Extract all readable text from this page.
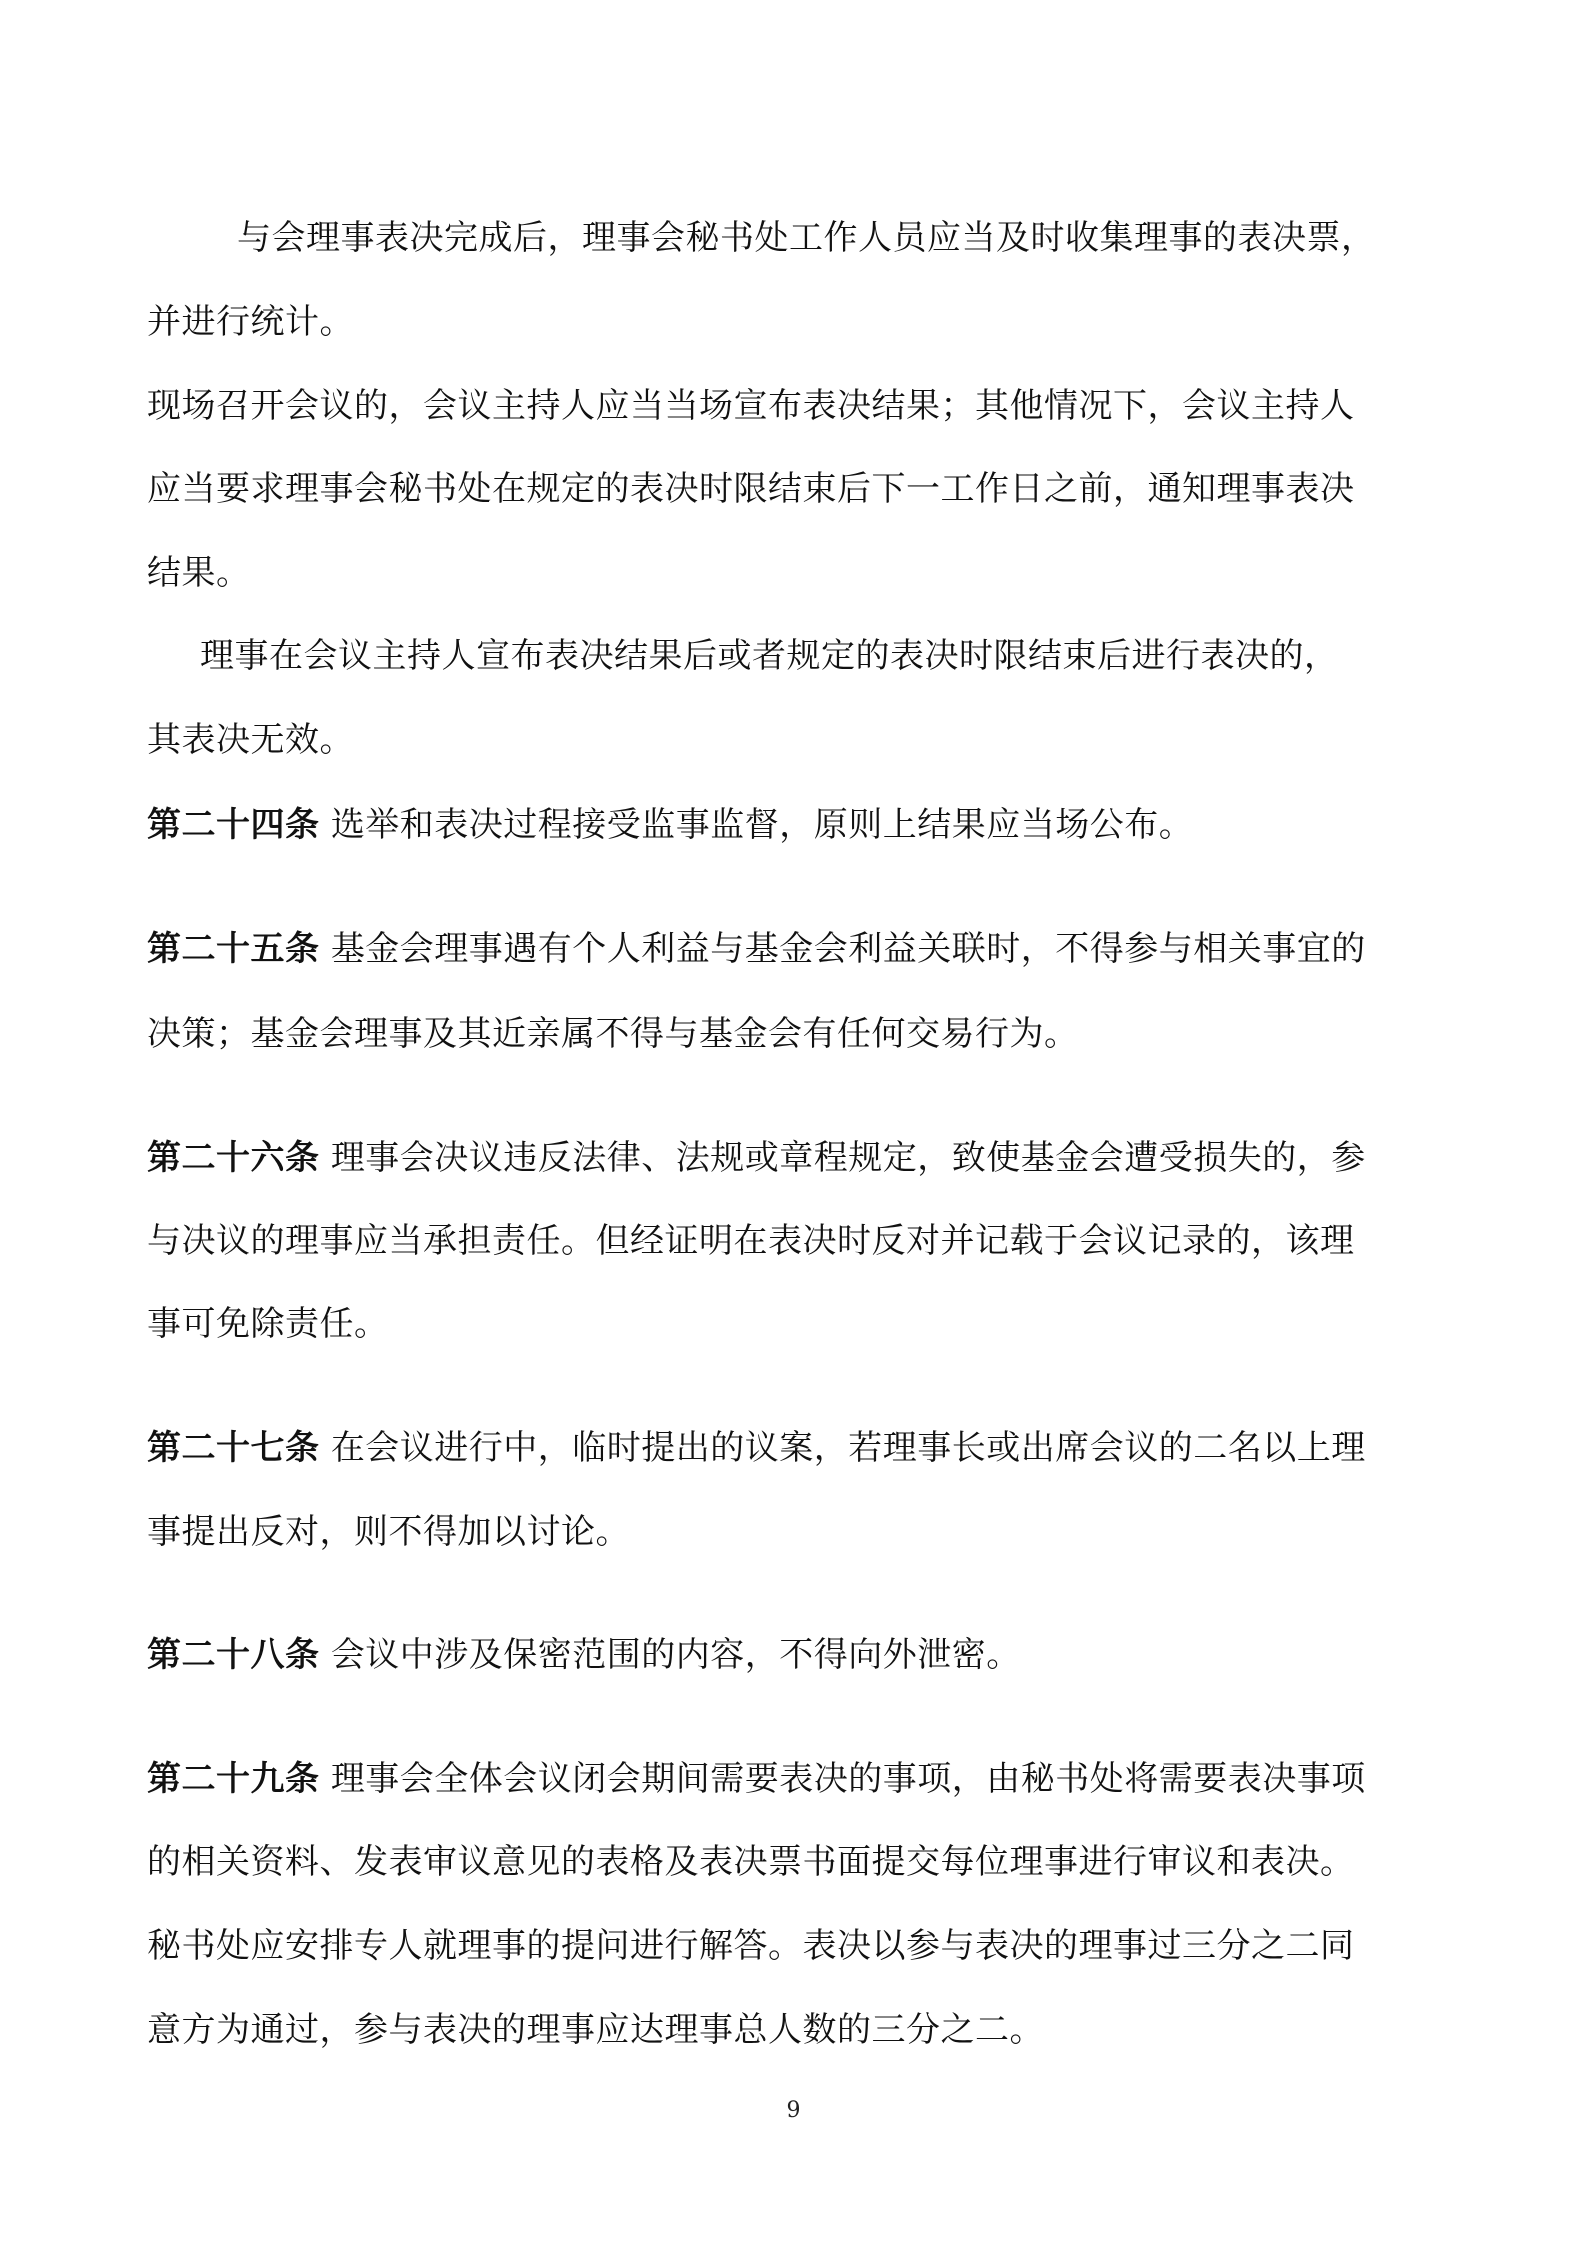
与会理事表决完成后，理事会秘书处工作人员应当及时收集理事的表决票，
并进行统计。
现场召开会议的，会议主持人应当当场宣布表决结果；其他情况下，会议主持人
应当要求理事会秘书处在规定的表决时限结束后下一工作日之前，通知理事表决
结果。
理事在会议主持人宣布表决结果后或者规定的表决时限结束后进行表决的，
其表决无效。
第二十四条 选举和表决过程接受监事监督，原则上结果应当场公布。
第二十五条 基金会理事遇有个人利益与基金会利益关联时，不得参与相关事宜的
决策；基金会理事及其近亲属不得与基金会有任何交易行为。
第二十六条 理事会决议违反法律、法规或章程规定，致使基金会遭受损失的，参
与决议的理事应当承担责任。但经证明在表决时反对并记载于会议记录的，该理
事可免除责任。
第二十七条 在会议进行中，临时提出的议案，若理事长或出席会议的二名以上理
事提出反对，则不得加以讨论。
第二十八条 会议中涉及保密范围的内容，不得向外泄密。
第二十九条 理事会全体会议闭会期间需要表决的事项，由秘书处将需要表决事项
的相关资料、发表审议意见的表格及表决票书面提交每位理事进行审议和表决。
秘书处应安排专人就理事的提问进行解答。表决以参与表决的理事过三分之二同
意方为通过，参与表决的理事应达理事总人数的三分之二。
9
